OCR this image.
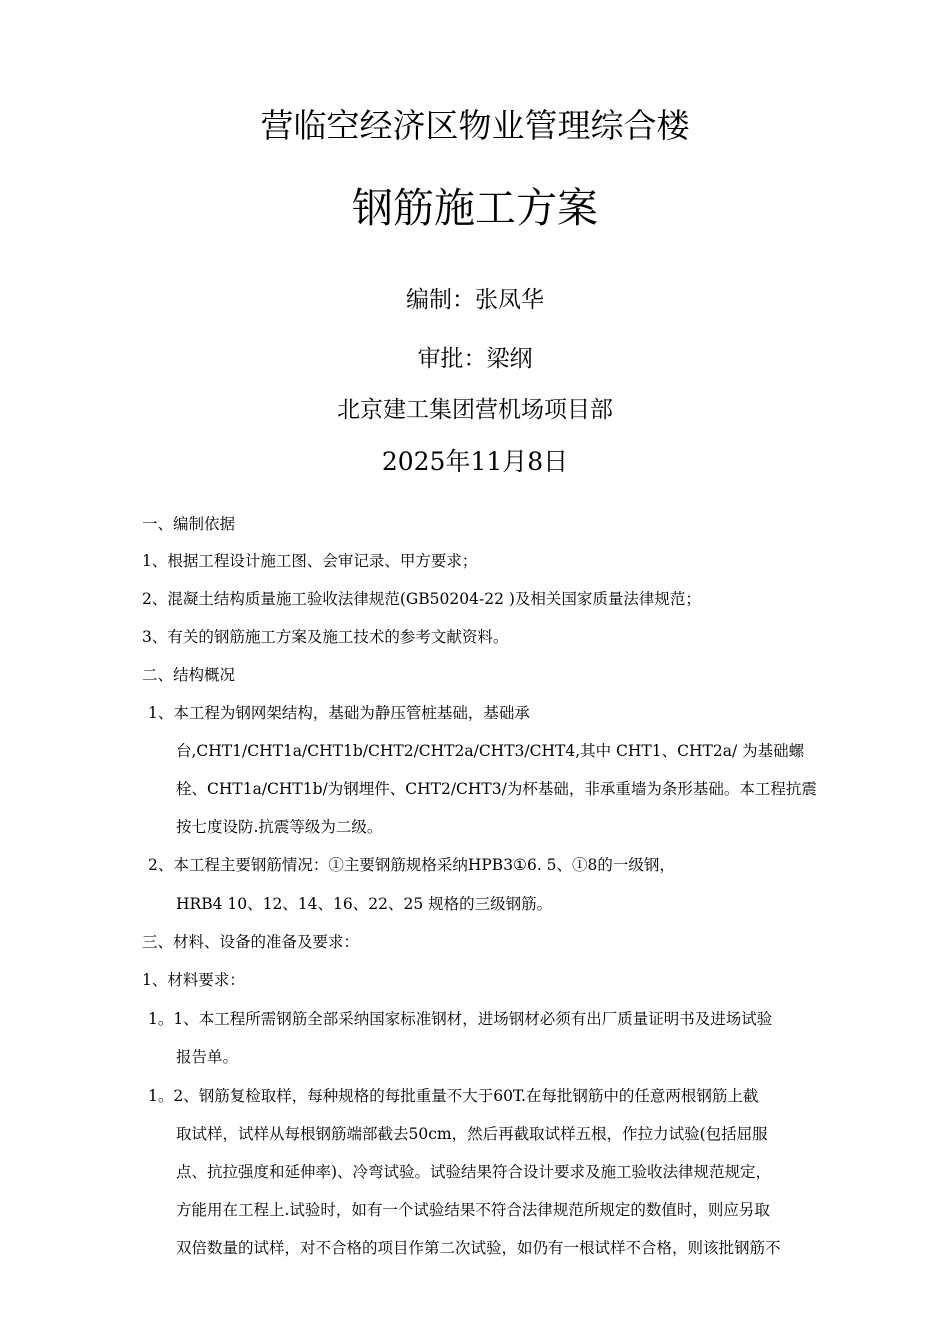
营临空经济区物业管理综合楼
钢筋施工方案
编制：张凤华
审批：梁纲
北京建工集团营机场项目部
2025年11月8日
一、编制依据
1、根据工程设计施工图、会审记录、甲方要求；
2、混凝土结构质量施工验收法律规范(GB50204-22 )及相关国家质量法律规范；
3、有关的钢筋施工方案及施工技术的参考文献资料。
二、结构概况
1、本工程为钢网架结构，基础为静压管桩基础，基础承
台,CHT1/CHT1a/CHT1b/CHT2/CHT2a/CHT3/CHT4,其中 CHT1、CHT2a/ 为基础螺
栓、CHT1a/CHT1b/为钢埋件、CHT2/CHT3/为杯基础，非承重墙为条形基础。本工程抗震
按七度设防.抗震等级为二级。
2、本工程主要钢筋情况：①主要钢筋规格采纳HPB3①6. 5、①8的一级钢，
HRB4 10、12、14、16、22、25 规格的三级钢筋。
三、材料、设备的准备及要求：
1、材料要求：
1。1、本工程所需钢筋全部采纳国家标准钢材，进场钢材必须有出厂质量证明书及进场试验
报告单。
1。2、钢筋复检取样，每种规格的每批重量不大于60T.在每批钢筋中的任意两根钢筋上截
取试样，试样从每根钢筋端部截去50cm，然后再截取试样五根，作拉力试验(包括屈服
点、抗拉强度和延伸率)、冷弯试验。试验结果符合设计要求及施工验收法律规范规定，
方能用在工程上.试验时，如有一个试验结果不符合法律规范所规定的数值时，则应另取
双倍数量的试样，对不合格的项目作第二次试验，如仍有一根试样不合格，则该批钢筋不
